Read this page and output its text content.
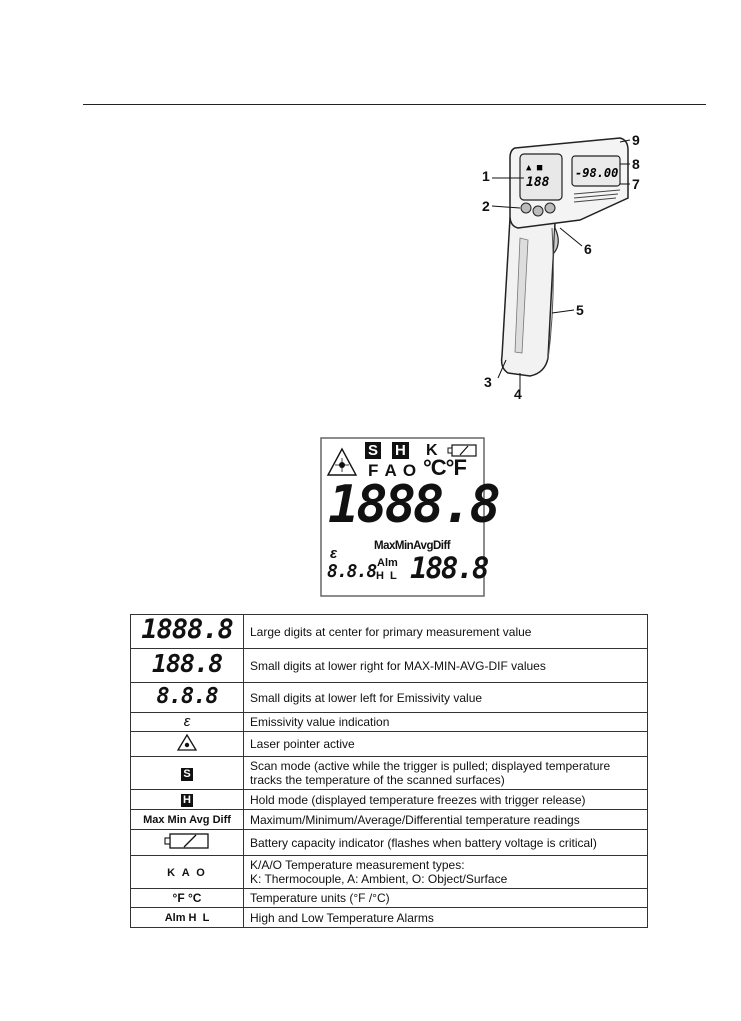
▲ ■
188
-98.00
1
2
3
4
5
6
7
8
9
S H K
F A O °C°F
1888.8
MaxMinAvgDiff
ε
8.8.8 Alm
H  L 188.8
1888.8	Large digits at center for primary measurement value
188.8	Small digits at lower right for MAX-MIN-AVG-DIF values
8.8.8	Small digits at lower left for Emissivity value
ε	Emissivity value indication
	Laser pointer active
S	Scan mode (active while the trigger is pulled; displayed temperature tracks the temperature of the scanned surfaces)
H	Hold mode (displayed temperature freezes with trigger release)
Max Min Avg Diff	Maximum/Minimum/Average/Differential temperature readings
	Battery capacity indicator (flashes when battery voltage is critical)
K A O	K/A/O Temperature measurement types:
K: Thermocouple, A: Ambient, O: Object/Surface

°F °C	Temperature units (°F /°C)
Alm H  L	High and Low Temperature Alarms
